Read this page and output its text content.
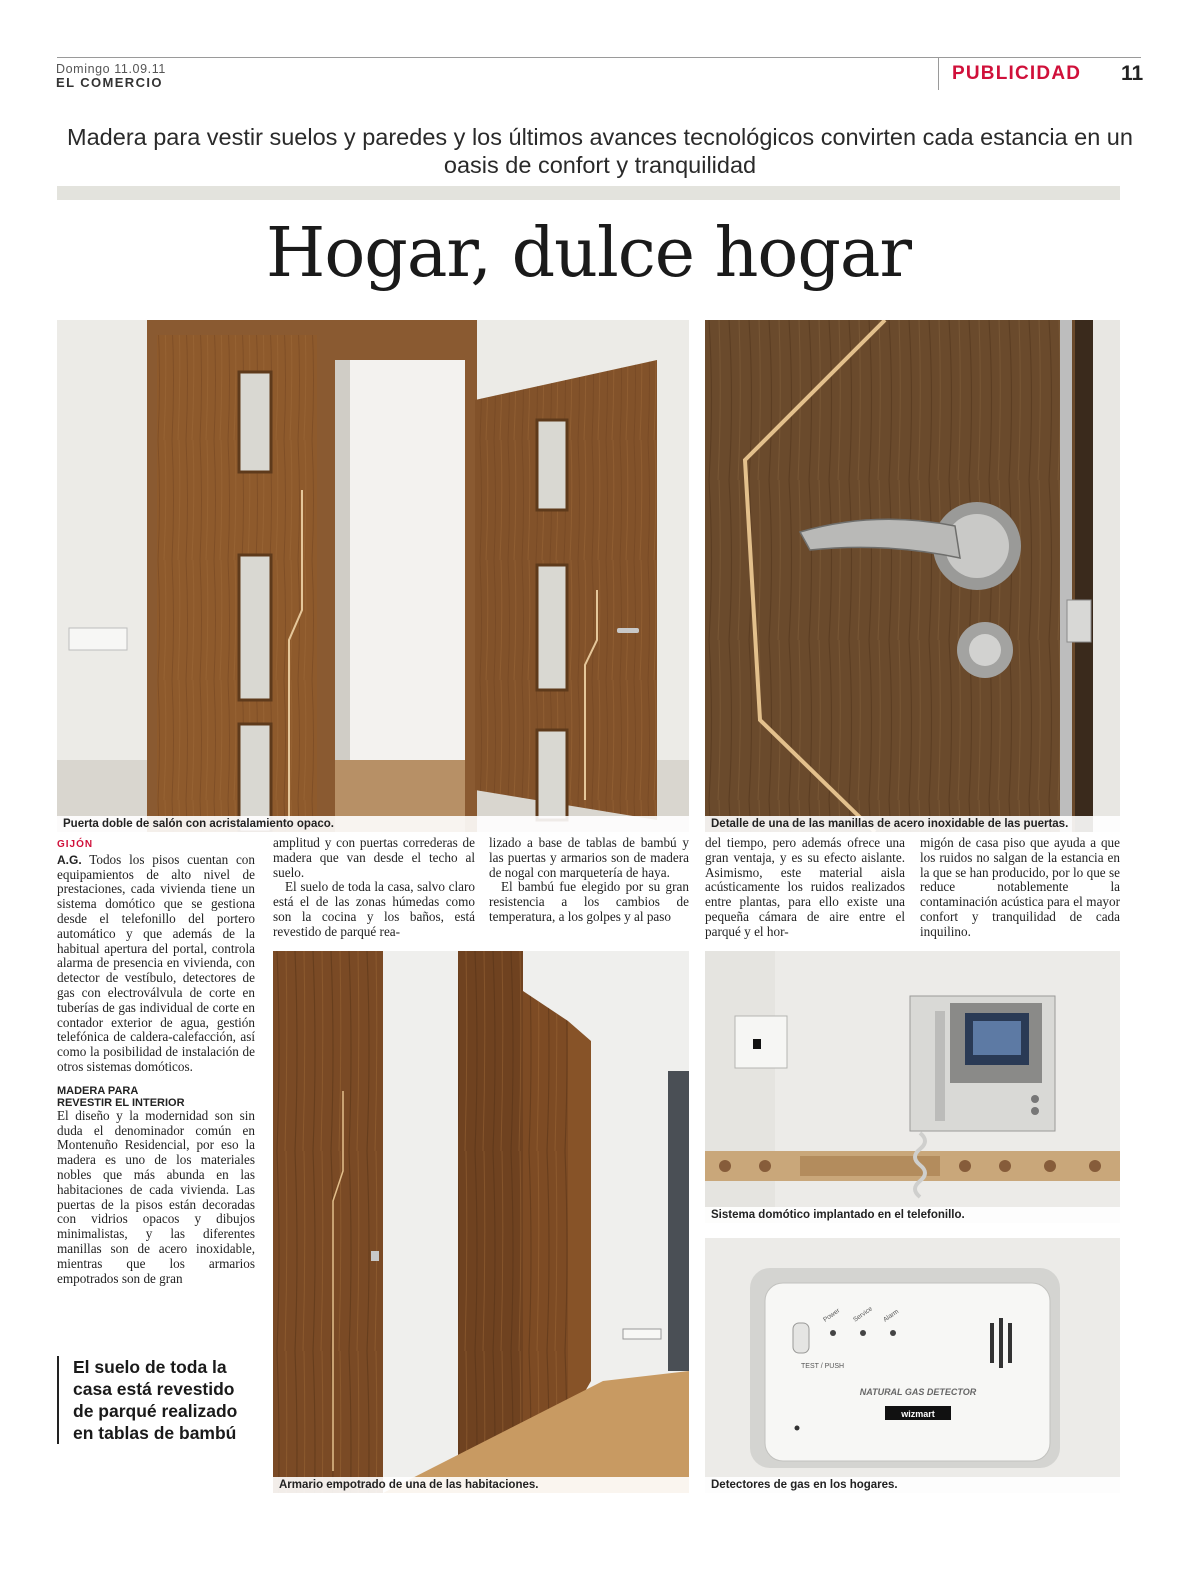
Domingo 11.09.11
EL COMERCIO	PUBLICIDAD 11
Madera para vestir suelos y paredes y los últimos avances tecnológicos convirten cada estancia en un oasis de confort y tranquilidad
Hogar, dulce hogar
Puerta doble de salón con acristalamiento opaco.	Detalle de una de las manillas de acero inoxidable de las puertas.
GIJÓN

A.G. Todos los pisos cuentan con equipamientos de alto nivel de prestaciones, cada vivienda tiene un sistema domótico que se gestiona desde el telefonillo del portero automático y que además de la habitual apertura del portal, controla alarma de presencia en vivienda, con detector de vestíbulo, detectores de gas con electroválvula de corte en tuberías de gas individual de corte en contador exterior de agua, gestión telefónica de caldera-calefacción, así como la posibilidad de instalación de otros sistemas domóticos.

MADERA PARA
REVESTIR EL INTERIOR

El diseño y la modernidad son sin duda el denominador común en Montenuño Residencial, por eso la madera es uno de los materiales nobles que más abunda en las habitaciones de cada vivienda. Las puertas de la pisos están decoradas con vidrios opacos y dibujos minimalistas, y las diferentes manillas son de acero inoxidable, mientras que los armarios empotrados son de gran

amplitud y con puertas correderas de madera que van desde el techo al suelo.

El suelo de toda la casa, salvo claro está el de las zonas húmedas como son la cocina y los baños, está revestido de parqué rea-

lizado a base de tablas de bambú y las puertas y armarios son de madera de nogal con marquetería de haya.

El bambú fue elegido por su gran resistencia a los cambios de temperatura, a los golpes y al paso

del tiempo, pero además ofrece una gran ventaja, y es su efecto aislante. Asimismo, este material aisla acústicamente los ruidos realizados entre plantas, para ello existe una pequeña cámara de aire entre el parqué y el hor-

migón de casa piso que ayuda a que los ruidos no salgan de la estancia en la que se han producido, por lo que se reduce notablemente la contaminación acústica para el mayor confort y tranquilidad de cada inquilino.

Armario empotrado de una de las habitaciones.
Sistema domótico implantado en el telefonillo.
TEST / PUSH
Power Service Alarm
NATURAL GAS DETECTOR
wizmart
Detectores de gas en los hogares.
El suelo de toda la casa está revestido de parqué realizado en tablas de bambú
